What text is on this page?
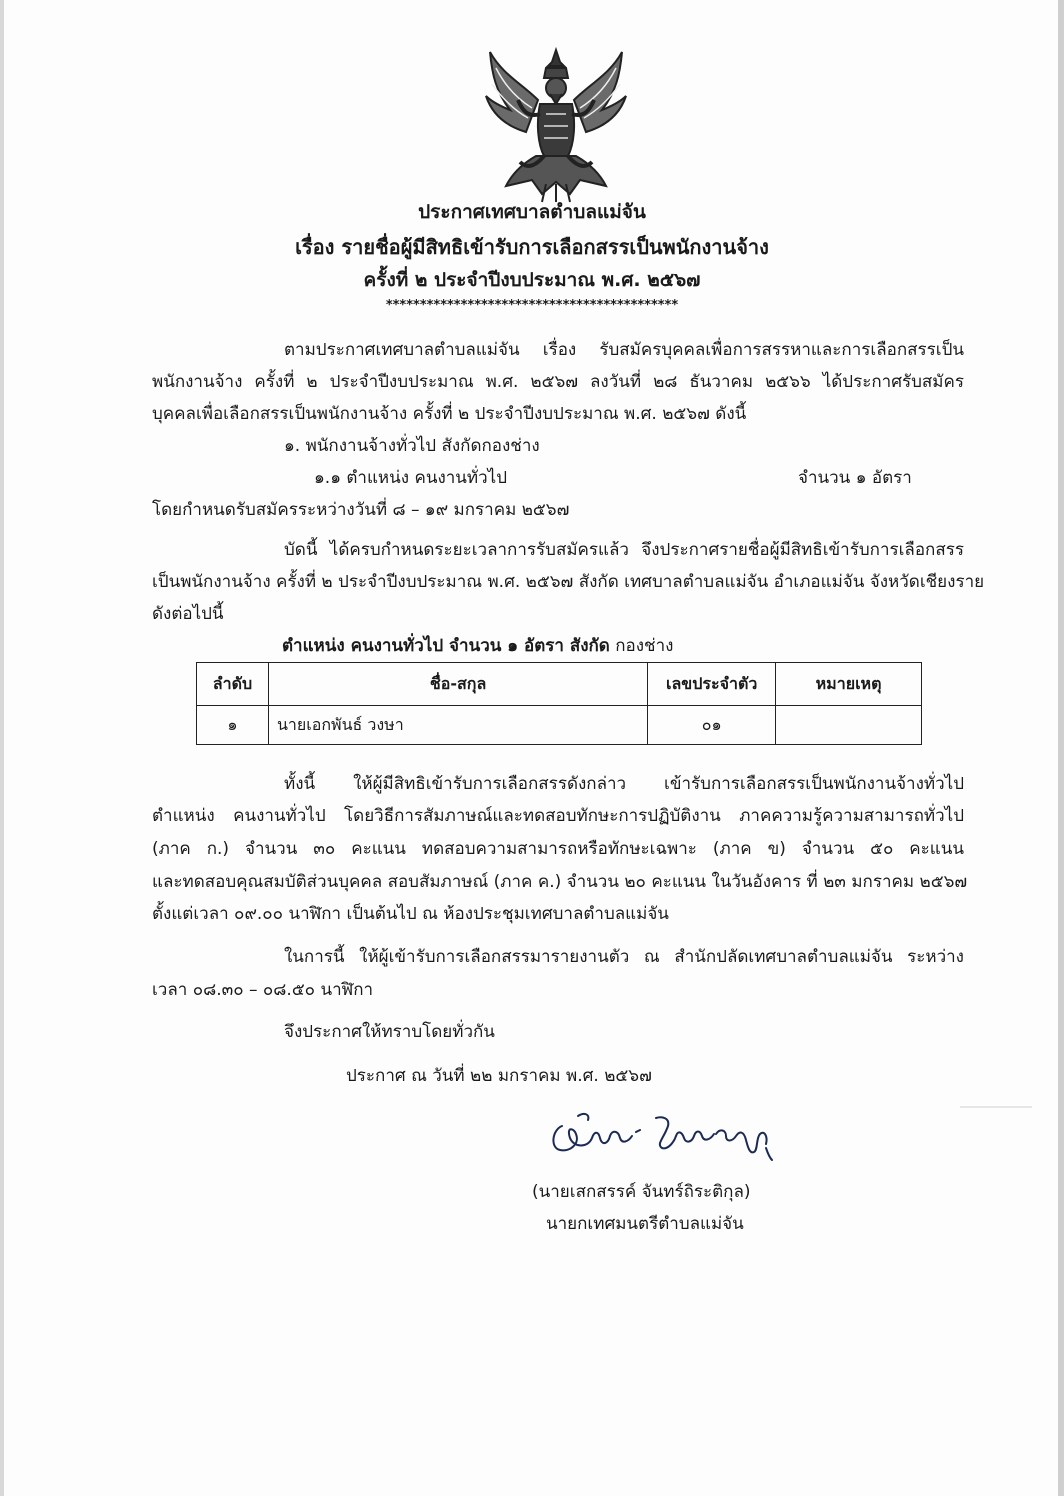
ประกาศเทศบาลตำบลแม่จัน
เรื่อง รายชื่อผู้มีสิทธิเข้ารับการเลือกสรรเป็นพนักงานจ้าง
ครั้งที่ ๒ ประจำปีงบประมาณ พ.ศ. ๒๕๖๗
*******************************************
ตามประกาศเทศบาลตำบลแม่จัน เรื่อง รับสมัครบุคคลเพื่อการสรรหาและการเลือกสรรเป็น
พนักงานจ้าง ครั้งที่ ๒ ประจำปีงบประมาณ พ.ศ. ๒๕๖๗ ลงวันที่ ๒๘ ธันวาคม ๒๕๖๖ ได้ประกาศรับสมัคร
บุคคลเพื่อเลือกสรรเป็นพนักงานจ้าง ครั้งที่ ๒ ประจำปีงบประมาณ พ.ศ. ๒๕๖๗ ดังนี้
๑. พนักงานจ้างทั่วไป สังกัดกองช่าง
๑.๑ ตำแหน่ง คนงานทั่วไป	จำนวน ๑ อัตรา
โดยกำหนดรับสมัครระหว่างวันที่ ๘ – ๑๙ มกราคม ๒๕๖๗
บัดนี้ ได้ครบกำหนดระยะเวลาการรับสมัครแล้ว จึงประกาศรายชื่อผู้มีสิทธิเข้ารับการเลือกสรร
เป็นพนักงานจ้าง ครั้งที่ ๒ ประจำปีงบประมาณ พ.ศ. ๒๕๖๗ สังกัด เทศบาลตำบลแม่จัน อำเภอแม่จัน จังหวัดเชียงราย
ดังต่อไปนี้
ตำแหน่ง คนงานทั่วไป จำนวน ๑ อัตรา สังกัด กองช่าง
ลำดับ	ชื่อ-สกุล	เลขประจำตัว	หมายเหตุ
๑	นายเอกพันธ์ วงษา	๐๑	
ทั้งนี้ ให้ผู้มีสิทธิเข้ารับการเลือกสรรดังกล่าว เข้ารับการเลือกสรรเป็นพนักงานจ้างทั่วไป
ตำแหน่ง คนงานทั่วไป โดยวิธีการสัมภาษณ์และทดสอบทักษะการปฏิบัติงาน ภาคความรู้ความสามารถทั่วไป
(ภาค ก.) จำนวน ๓๐ คะแนน ทดสอบความสามารถหรือทักษะเฉพาะ (ภาค ข) จำนวน ๕๐ คะแนน
และทดสอบคุณสมบัติส่วนบุคคล สอบสัมภาษณ์ (ภาค ค.) จำนวน ๒๐ คะแนน ในวันอังคาร ที่ ๒๓ มกราคม ๒๕๖๗
ตั้งแต่เวลา ๐๙.๐๐ นาฬิกา เป็นต้นไป ณ ห้องประชุมเทศบาลตำบลแม่จัน
ในการนี้ ให้ผู้เข้ารับการเลือกสรรมารายงานตัว ณ สำนักปลัดเทศบาลตำบลแม่จัน ระหว่าง
เวลา ๐๘.๓๐ – ๐๘.๕๐ นาฬิกา
จึงประกาศให้ทราบโดยทั่วกัน
ประกาศ ณ วันที่ ๒๒ มกราคม พ.ศ. ๒๕๖๗
(นายเสกสรรค์ จันทร์ถิระติกุล)
นายกเทศมนตรีตำบลแม่จัน
